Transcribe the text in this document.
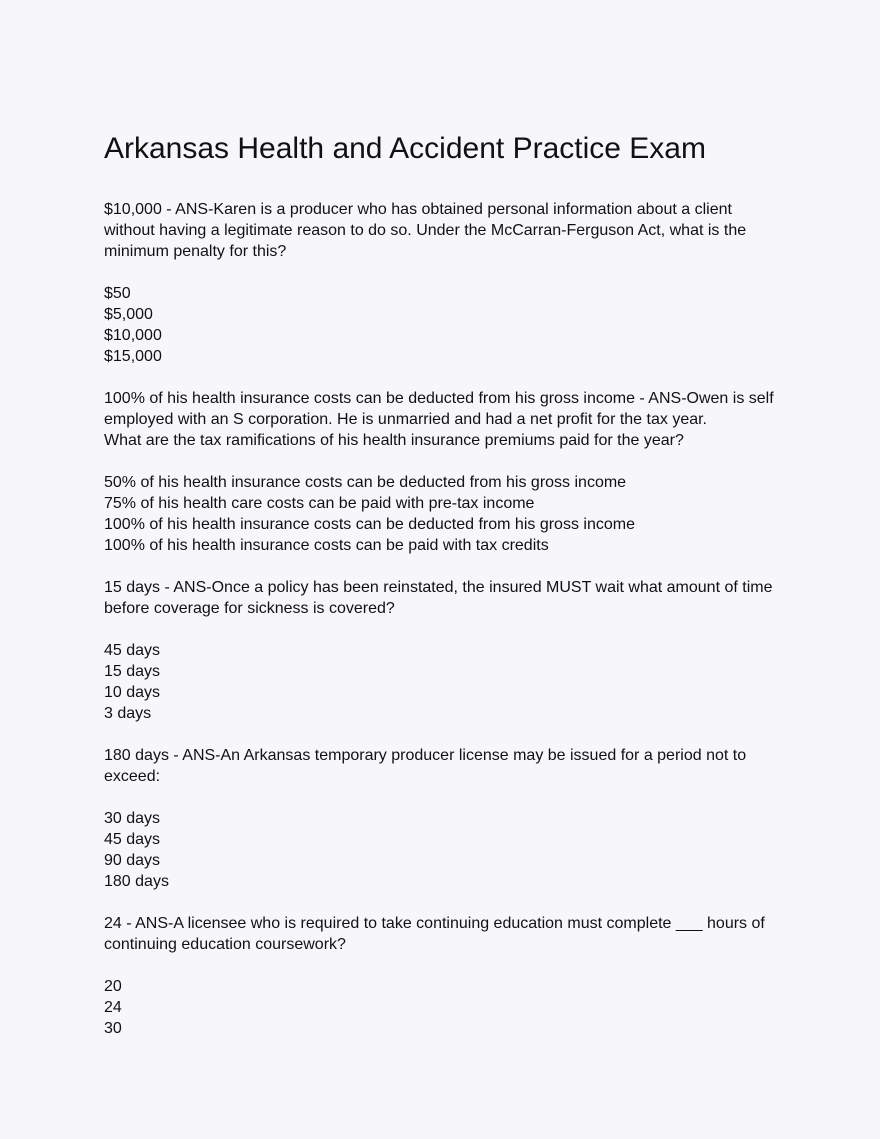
Arkansas Health and Accident Practice Exam
$10,000 - ANS-Karen is a producer who has obtained personal information about a client
without having a legitimate reason to do so. Under the McCarran-Ferguson Act, what is the
minimum penalty for this?
$50
$5,000
$10,000
$15,000
100% of his health insurance costs can be deducted from his gross income - ANS-Owen is self
employed with an S corporation. He is unmarried and had a net profit for the tax year.
What are the tax ramifications of his health insurance premiums paid for the year?
50% of his health insurance costs can be deducted from his gross income
75% of his health care costs can be paid with pre-tax income
100% of his health insurance costs can be deducted from his gross income
100% of his health insurance costs can be paid with tax credits
15 days - ANS-Once a policy has been reinstated, the insured MUST wait what amount of time
before coverage for sickness is covered?
45 days
15 days
10 days
3 days
180 days - ANS-An Arkansas temporary producer license may be issued for a period not to
exceed:
30 days
45 days
90 days
180 days
24 - ANS-A licensee who is required to take continuing education must complete ___ hours of
continuing education coursework?
20
24
30
